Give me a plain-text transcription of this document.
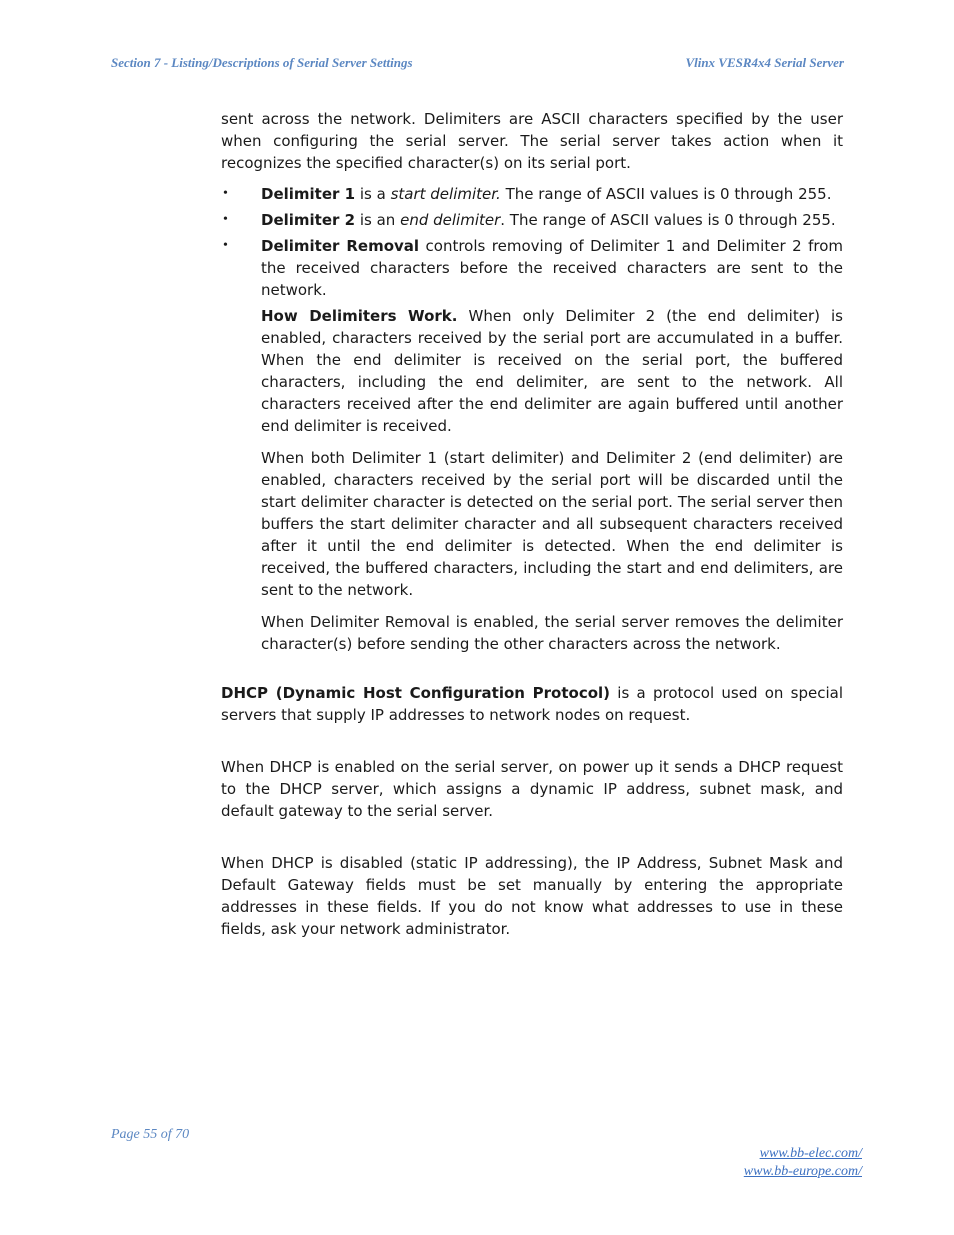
Section 7 - Listing/Descriptions of Serial Server Settings	Vlinx VESR4x4 Serial Server

sent across the network. Delimiters are ASCII characters specified by the user when configuring the serial server. The serial server takes action when it recognizes the specified character(s) on its serial port.

•	Delimiter 1 is a start delimiter. The range of ASCII values is 0 through 255.
•	Delimiter 2 is an end delimiter. The range of ASCII values is 0 through 255.
•	Delimiter Removal controls removing of Delimiter 1 and Delimiter 2 from the received characters before the received characters are sent to the network.

How Delimiters Work. When only Delimiter 2 (the end delimiter) is enabled, characters received by the serial port are accumulated in a buffer. When the end delimiter is received on the serial port, the buffered characters, including the end delimiter, are sent to the network. All characters received after the end delimiter are again buffered until another end delimiter is received.

When both Delimiter 1 (start delimiter) and Delimiter 2 (end delimiter) are enabled, characters received by the serial port will be discarded until the start delimiter character is detected on the serial port. The serial server then buffers the start delimiter character and all subsequent characters received after it until the end delimiter is detected. When the end delimiter is received, the buffered characters, including the start and end delimiters, are sent to the network.

When Delimiter Removal is enabled, the serial server removes the delimiter character(s) before sending the other characters across the network.

DHCP (Dynamic Host Configuration Protocol) is a protocol used on special servers that supply IP addresses to network nodes on request.

When DHCP is enabled on the serial server, on power up it sends a DHCP request to the DHCP server, which assigns a dynamic IP address, subnet mask, and default gateway to the serial server.

When DHCP is disabled (static IP addressing), the IP Address, Subnet Mask and Default Gateway fields must be set manually by entering the appropriate addresses in these fields. If you do not know what addresses to use in these fields, ask your network administrator.

Page 55 of 70
www.bb-elec.com/
www.bb-europe.com/
